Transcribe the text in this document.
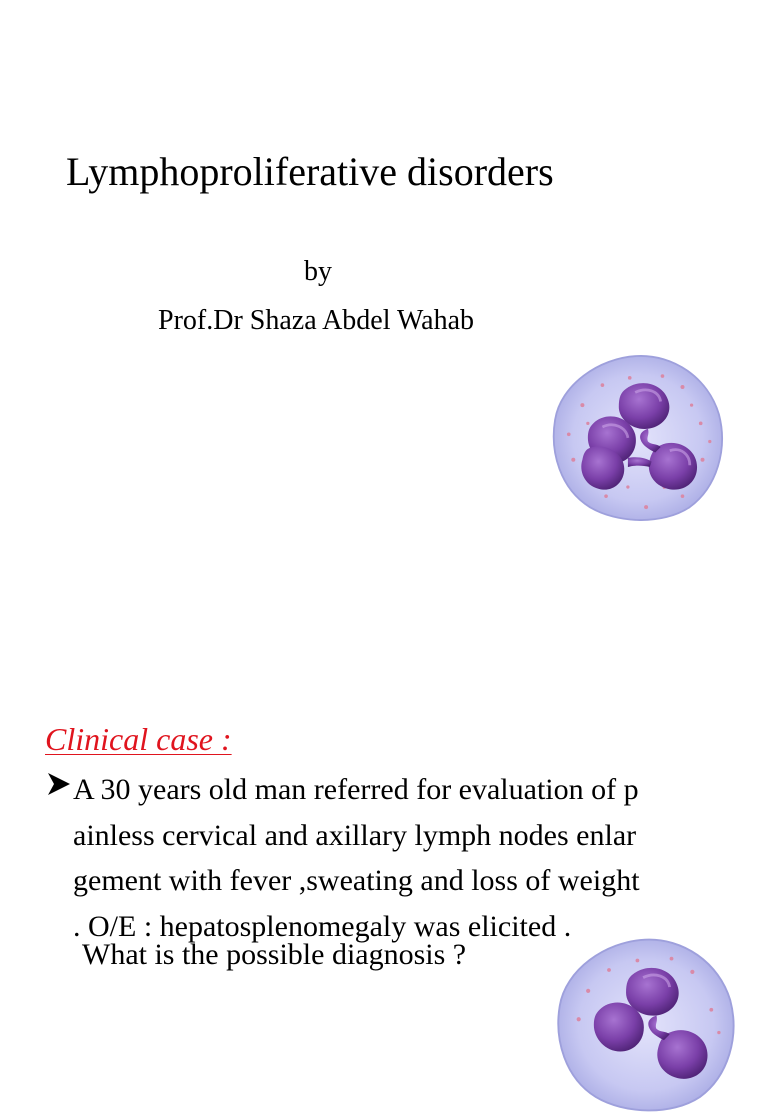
Lymphoproliferative disorders
by
Prof.Dr Shaza Abdel Wahab
Clinical case :
A 30 years old man referred for evaluation of p
ainless cervical and axillary lymph nodes enlar
gement with fever ,sweating and loss of weight
. O/E : hepatosplenomegaly was elicited .
What is the possible diagnosis ?
